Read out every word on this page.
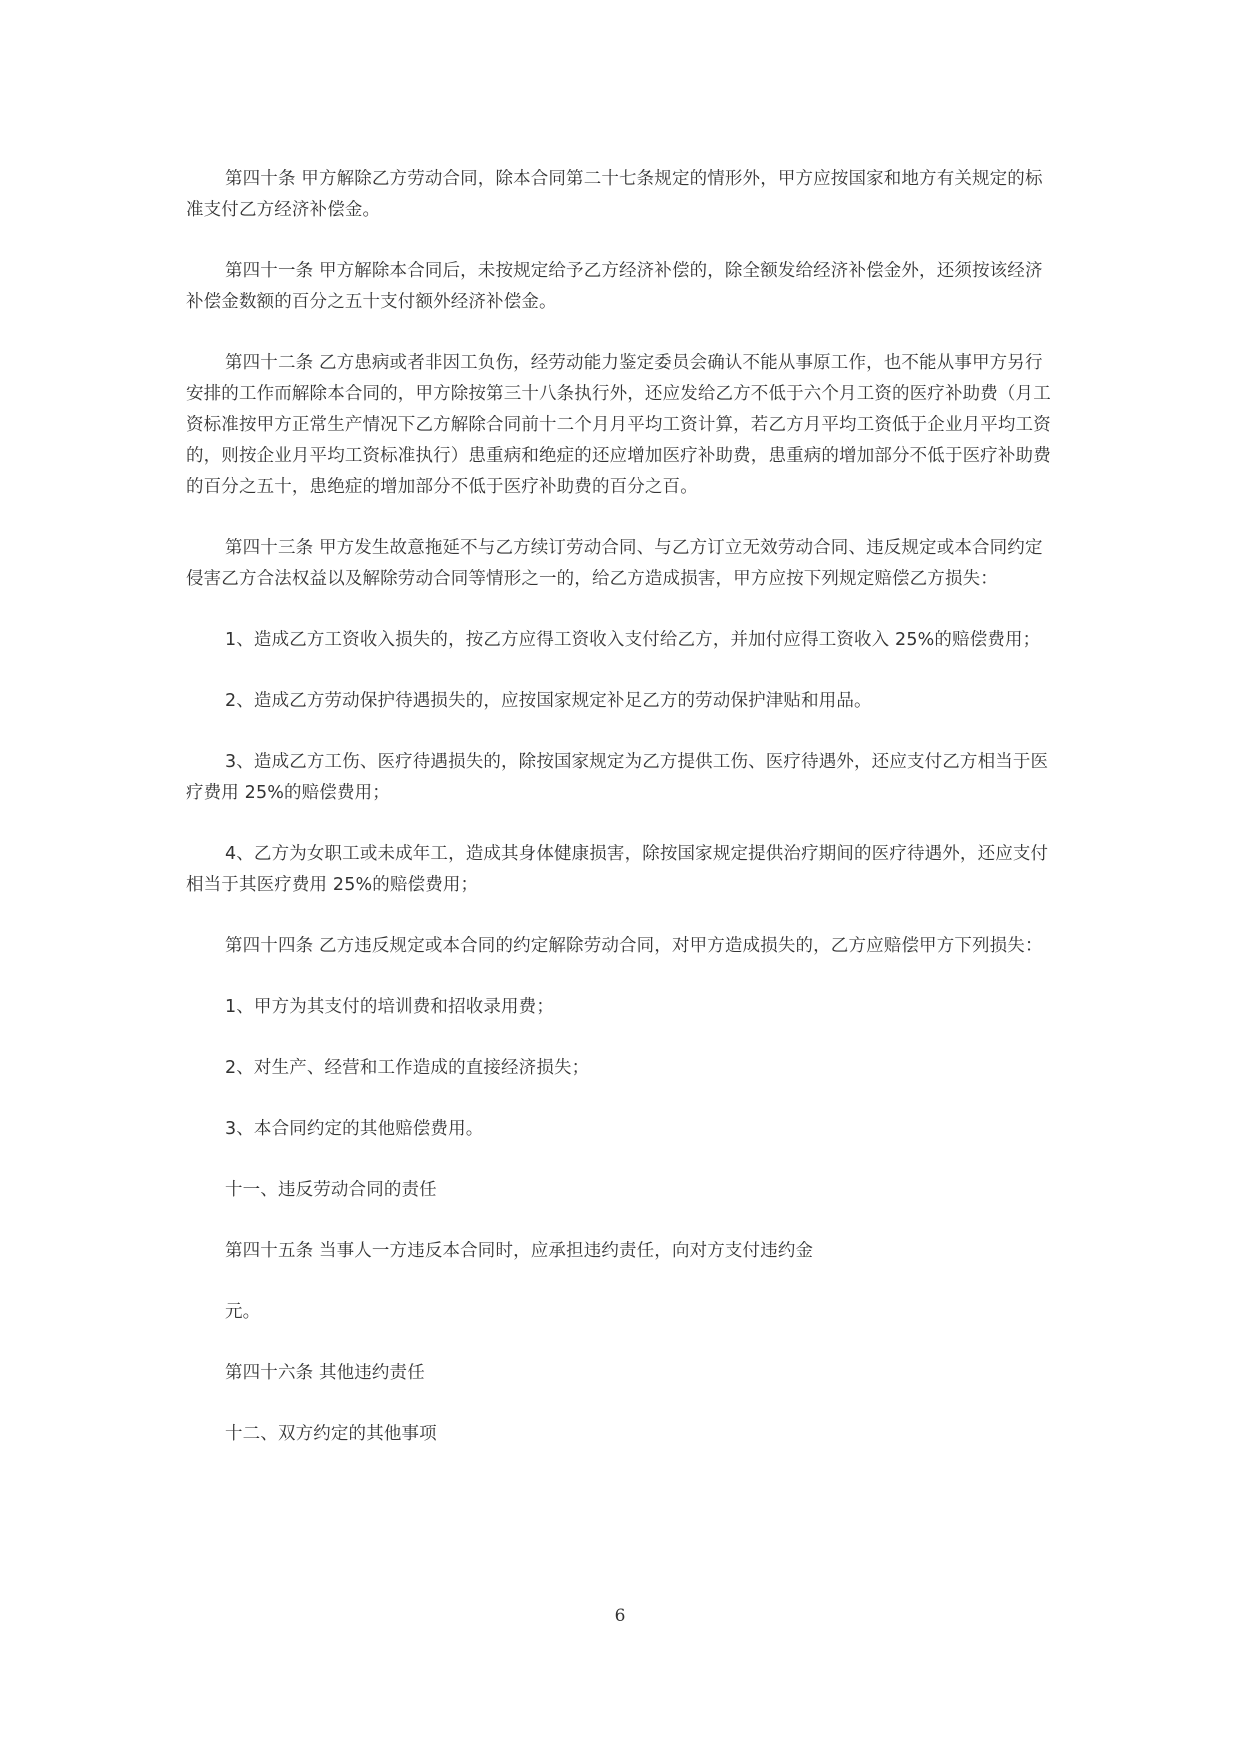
第四十条 甲方解除乙方劳动合同，除本合同第二十七条规定的情形外，甲方应按国家和地方有关规定的标准支付乙方经济补偿金。

第四十一条 甲方解除本合同后，未按规定给予乙方经济补偿的，除全额发给经济补偿金外，还须按该经济补偿金数额的百分之五十支付额外经济补偿金。

第四十二条 乙方患病或者非因工负伤，经劳动能力鉴定委员会确认不能从事原工作，也不能从事甲方另行安排的工作而解除本合同的，甲方除按第三十八条执行外，还应发给乙方不低于六个月工资的医疗补助费（月工资标准按甲方正常生产情况下乙方解除合同前十二个月月平均工资计算，若乙方月平均工资低于企业月平均工资的，则按企业月平均工资标准执行）患重病和绝症的还应增加医疗补助费，患重病的增加部分不低于医疗补助费的百分之五十，患绝症的增加部分不低于医疗补助费的百分之百。

第四十三条 甲方发生故意拖延不与乙方续订劳动合同、与乙方订立无效劳动合同、违反规定或本合同约定侵害乙方合法权益以及解除劳动合同等情形之一的，给乙方造成损害，甲方应按下列规定赔偿乙方损失：

1、造成乙方工资收入损失的，按乙方应得工资收入支付给乙方，并加付应得工资收入 25%的赔偿费用；

2、造成乙方劳动保护待遇损失的，应按国家规定补足乙方的劳动保护津贴和用品。

3、造成乙方工伤、医疗待遇损失的，除按国家规定为乙方提供工伤、医疗待遇外，还应支付乙方相当于医疗费用 25%的赔偿费用；

4、乙方为女职工或未成年工，造成其身体健康损害，除按国家规定提供治疗期间的医疗待遇外，还应支付相当于其医疗费用 25%的赔偿费用；

第四十四条 乙方违反规定或本合同的约定解除劳动合同，对甲方造成损失的，乙方应赔偿甲方下列损失：

1、甲方为其支付的培训费和招收录用费；

2、对生产、经营和工作造成的直接经济损失；

3、本合同约定的其他赔偿费用。

十一、违反劳动合同的责任

第四十五条 当事人一方违反本合同时，应承担违约责任，向对方支付违约金

元。

第四十六条 其他违约责任

十二、双方约定的其他事项

6
